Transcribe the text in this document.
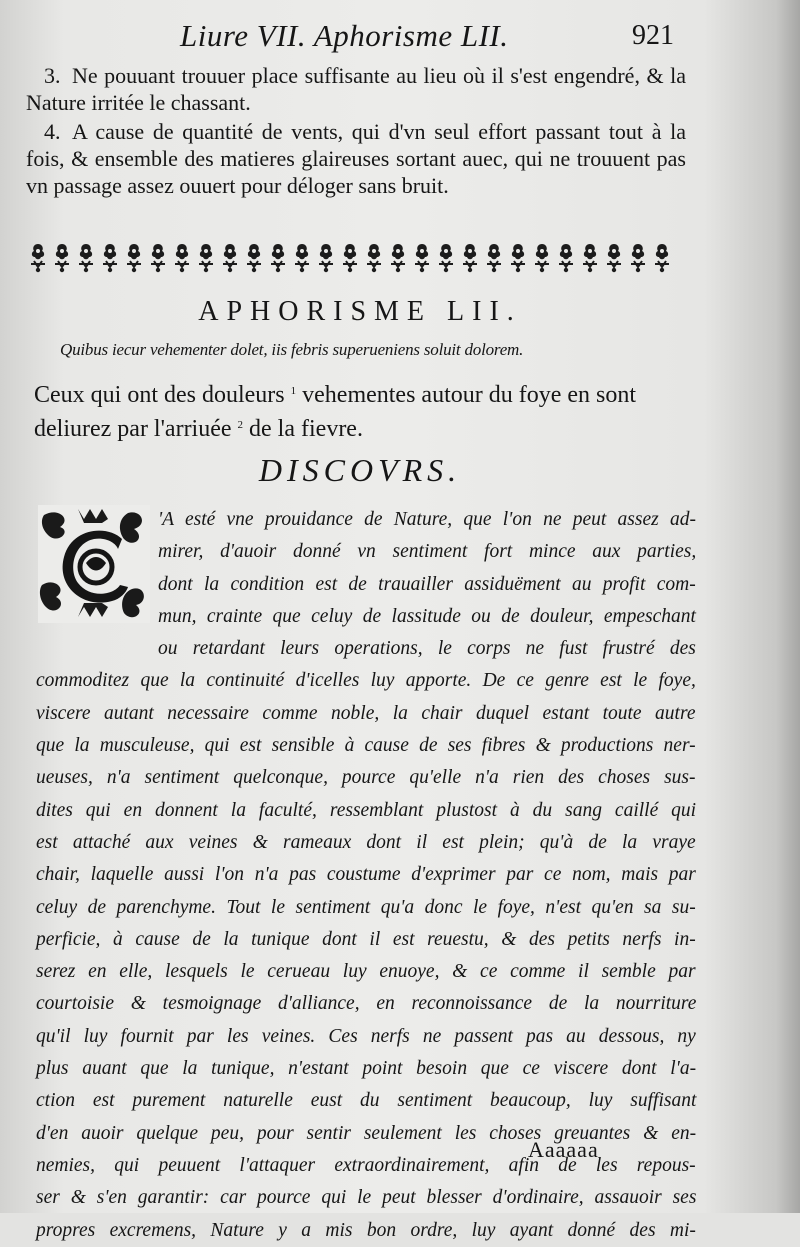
Liure VII. Aphorisme LII.	921
3. Ne pouuant trouuer place suffisante au lieu où il s'est engendré, & la Nature irritée le chassant.
4. A cause de quantité de vents, qui d'vn seul effort passant tout à la fois, & ensemble des matieres glaireuses sortant auec, qui ne trouuent pas vn passage assez ouuert pour déloger sans bruit.
APHORISME LII.
Quibus iecur vehementer dolet, iis febris superueniens soluit dolorem.
Ceux qui ont des douleurs $^1$ vehementes autour du foye en sont deliurez par l'arriuée $^2$ de la fievre.
DISCOVRS.
'A esté vne prouidance de Nature, que l'on ne peut assez ad-
mirer, d'auoir donné vn sentiment fort mince aux parties,
dont la condition est de trauailler assiduëment au profit com-
mun, crainte que celuy de lassitude ou de douleur, empeschant
ou retardant leurs operations, le corps ne fust frustré des
commoditez que la continuité d'icelles luy apporte. De ce genre est le foye,
viscere autant necessaire comme noble, la chair duquel estant toute autre
que la musculeuse, qui est sensible à cause de ses fibres & productions ner-
ueuses, n'a sentiment quelconque, pource qu'elle n'a rien des choses sus-
dites qui en donnent la faculté, ressemblant plustost à du sang caillé qui
est attaché aux veines & rameaux dont il est plein; qu'à de la vraye
chair, laquelle aussi l'on n'a pas coustume d'exprimer par ce nom, mais par
celuy de parenchyme. Tout le sentiment qu'a donc le foye, n'est qu'en sa su-
perficie, à cause de la tunique dont il est reuestu, & des petits nerfs in-
serez en elle, lesquels le cerueau luy enuoye, & ce comme il semble par
courtoisie & tesmoignage d'alliance, en reconnoissance de la nourriture
qu'il luy fournit par les veines. Ces nerfs ne passent pas au dessous, ny
plus auant que la tunique, n'estant point besoin que ce viscere dont l'a-
ction est purement naturelle eust du sentiment beaucoup, luy suffisant
d'en auoir quelque peu, pour sentir seulement les choses greuantes & en-
nemies, qui peuuent l'attaquer extraordinairement, afin de les repous-
ser & s'en garantir: car pource qui le peut blesser d'ordinaire, assauoir ses
propres excremens, Nature y a mis bon ordre, luy ayant donné des mi-
Aaaaaa
